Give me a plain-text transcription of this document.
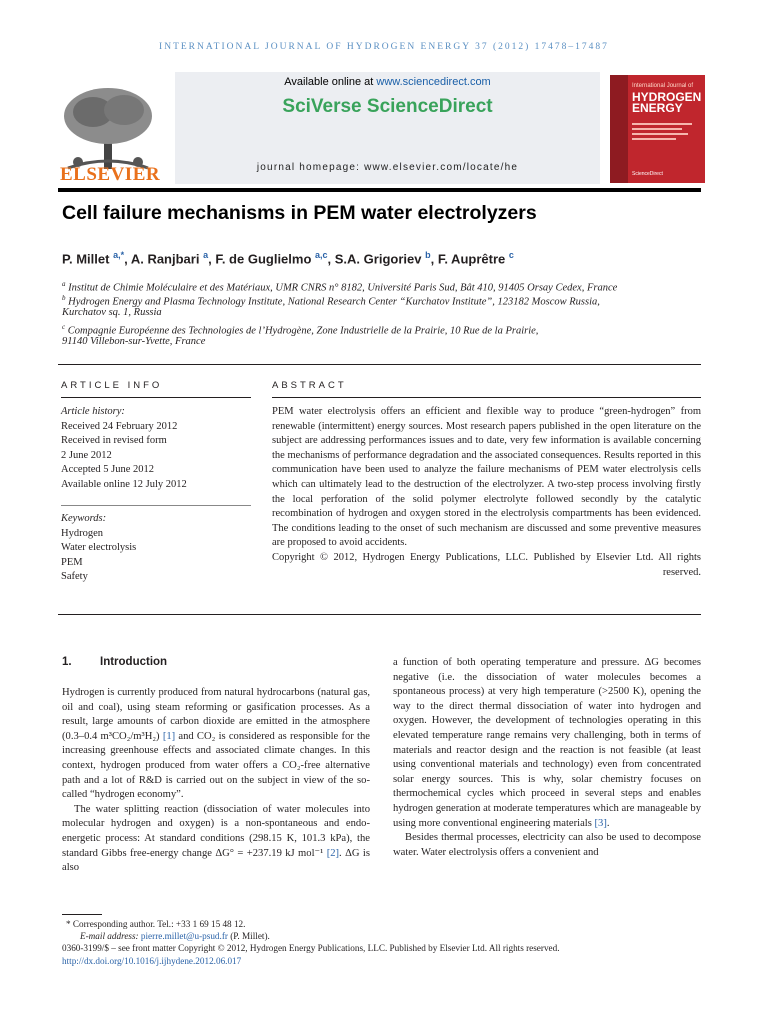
INTERNATIONAL JOURNAL OF HYDROGEN ENERGY 37 (2012) 17478–17487
ELSEVIER
Available online at www.sciencedirect.com
SciVerse ScienceDirect
journal homepage: www.elsevier.com/locate/he
International Journal of
HYDROGEN
ENERGY
ScienceDirect
Cell failure mechanisms in PEM water electrolyzers
P. Millet $^{a,*}$, A. Ranjbari $^a$, F. de Guglielmo $^{a,c}$, S.A. Grigoriev $^b$, F. Auprêtre $^c$
$^a$ Institut de Chimie Moléculaire et des Matériaux, UMR CNRS n° 8182, Université Paris Sud, Bât 410, 91405 Orsay Cedex, France
$^b$ Hydrogen Energy and Plasma Technology Institute, National Research Center “Kurchatov Institute”, 123182 Moscow Russia,
Kurchatov sq. 1, Russia
$^c$ Compagnie Européenne des Technologies de l’Hydrogène, Zone Industrielle de la Prairie, 10 Rue de la Prairie,
91140 Villebon-sur-Yvette, France
ARTICLE INFO	ABSTRACT
Article history:
Received 24 February 2012
Received in revised form
2 June 2012
Accepted 5 June 2012
Available online 12 July 2012
Keywords:
Hydrogen
Water electrolysis
PEM
Safety
PEM water electrolysis offers an efficient and flexible way to produce “green-hydrogen” from renewable (intermittent) energy sources. Most research papers published in the open literature on the subject are addressing performances issues and to date, very few information is available concerning the mechanisms of performance degradation and the associated consequences. Results reported in this communication have been used to analyze the failure mechanisms of PEM water electrolysis cells which can ultimately lead to the destruction of the electrolyzer. A two-step process involving firstly the local perforation of the solid polymer electrolyte followed secondly by the catalytic recombination of hydrogen and oxygen stored in the electrolysis compartments has been evidenced. The conditions leading to the onset of such mechanism are discussed and some preventive measures are proposed to avoid accidents.
Copyright © 2012, Hydrogen Energy Publications, LLC. Published by Elsevier Ltd. All rights reserved.
1. Introduction

Hydrogen is currently produced from natural hydrocarbons (natural gas, oil and coal), using steam reforming or gasification processes. As a result, large amounts of carbon dioxide are emitted in the atmosphere (0.3–0.4 m³CO₂/m³H₂) [1] and CO₂ is considered as responsible for the increasing greenhouse effects and associated climate changes. In this context, hydrogen produced from water offers a CO₂-free alternative path and a lot of R&D is carried out on the subject in view of the so-called “hydrogen economy”.

The water splitting reaction (dissociation of water molecules into molecular hydrogen and oxygen) is a non-spontaneous and endo-energetic process: At standard conditions (298.15 K, 101.3 kPa), the standard Gibbs free-energy change ΔG° = +237.19 kJ mol⁻¹ [2]. ΔG is also

a function of both operating temperature and pressure. ΔG becomes negative (i.e. the dissociation of water molecules becomes a spontaneous process) at very high temperature (>2500 K), opening the way to the direct thermal dissociation of water into hydrogen and oxygen. However, the development of technologies operating in this elevated temperature range remains very challenging, both in terms of materials and reactor design and the reaction is not feasible (at least using conventional materials and technology) even from concentrated solar energy sources. This is why, solar chemistry focuses on thermochemical cycles which proceed in several steps and enables hydrogen generation at moderate temperatures which are manageable by using more conventional engineering materials [3].

Besides thermal processes, electricity can also be used to decompose water. Water electrolysis offers a convenient and

* Corresponding author. Tel.: +33 1 69 15 48 12.
E-mail address: pierre.millet@u-psud.fr (P. Millet).
0360-3199/$ – see front matter Copyright © 2012, Hydrogen Energy Publications, LLC. Published by Elsevier Ltd. All rights reserved.
http://dx.doi.org/10.1016/j.ijhydene.2012.06.017
